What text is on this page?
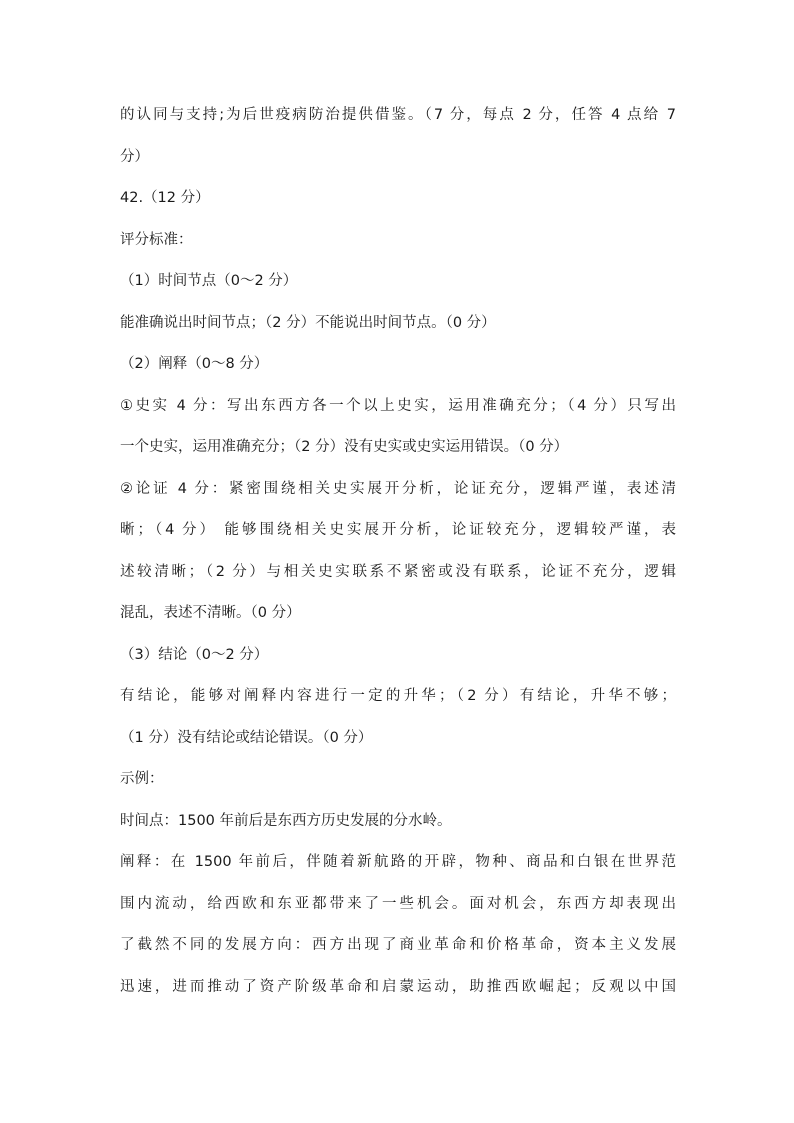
的认同与支持;为后世疫病防治提供借鉴。（7 分，每点 2 分，任答 4 点给 7
分）
42.（12 分）
评分标准：
（1）时间节点（0～2 分）
能准确说出时间节点；（2 分）不能说出时间节点。（0 分）
（2）阐释（0～8 分）
①史实 4 分：写出东西方各一个以上史实，运用准确充分；（4 分）只写出
一个史实，运用准确充分；（2 分）没有史实或史实运用错误。（0 分）
②论证 4 分：紧密围绕相关史实展开分析，论证充分，逻辑严谨，表述清
晰；（4 分） 能够围绕相关史实展开分析，论证较充分，逻辑较严谨，表
述较清晰；（2 分）与相关史实联系不紧密或没有联系，论证不充分，逻辑
混乱，表述不清晰。（0 分）
（3）结论（0～2 分）
有结论，能够对阐释内容进行一定的升华；（2 分）有结论，升华不够；
（1 分）没有结论或结论错误。（0 分）
示例：
时间点：1500 年前后是东西方历史发展的分水岭。
阐释：在 1500 年前后，伴随着新航路的开辟，物种、商品和白银在世界范
围内流动，给西欧和东亚都带来了一些机会。面对机会，东西方却表现出
了截然不同的发展方向：西方出现了商业革命和价格革命，资本主义发展
迅速，进而推动了资产阶级革命和启蒙运动，助推西欧崛起；反观以中国
